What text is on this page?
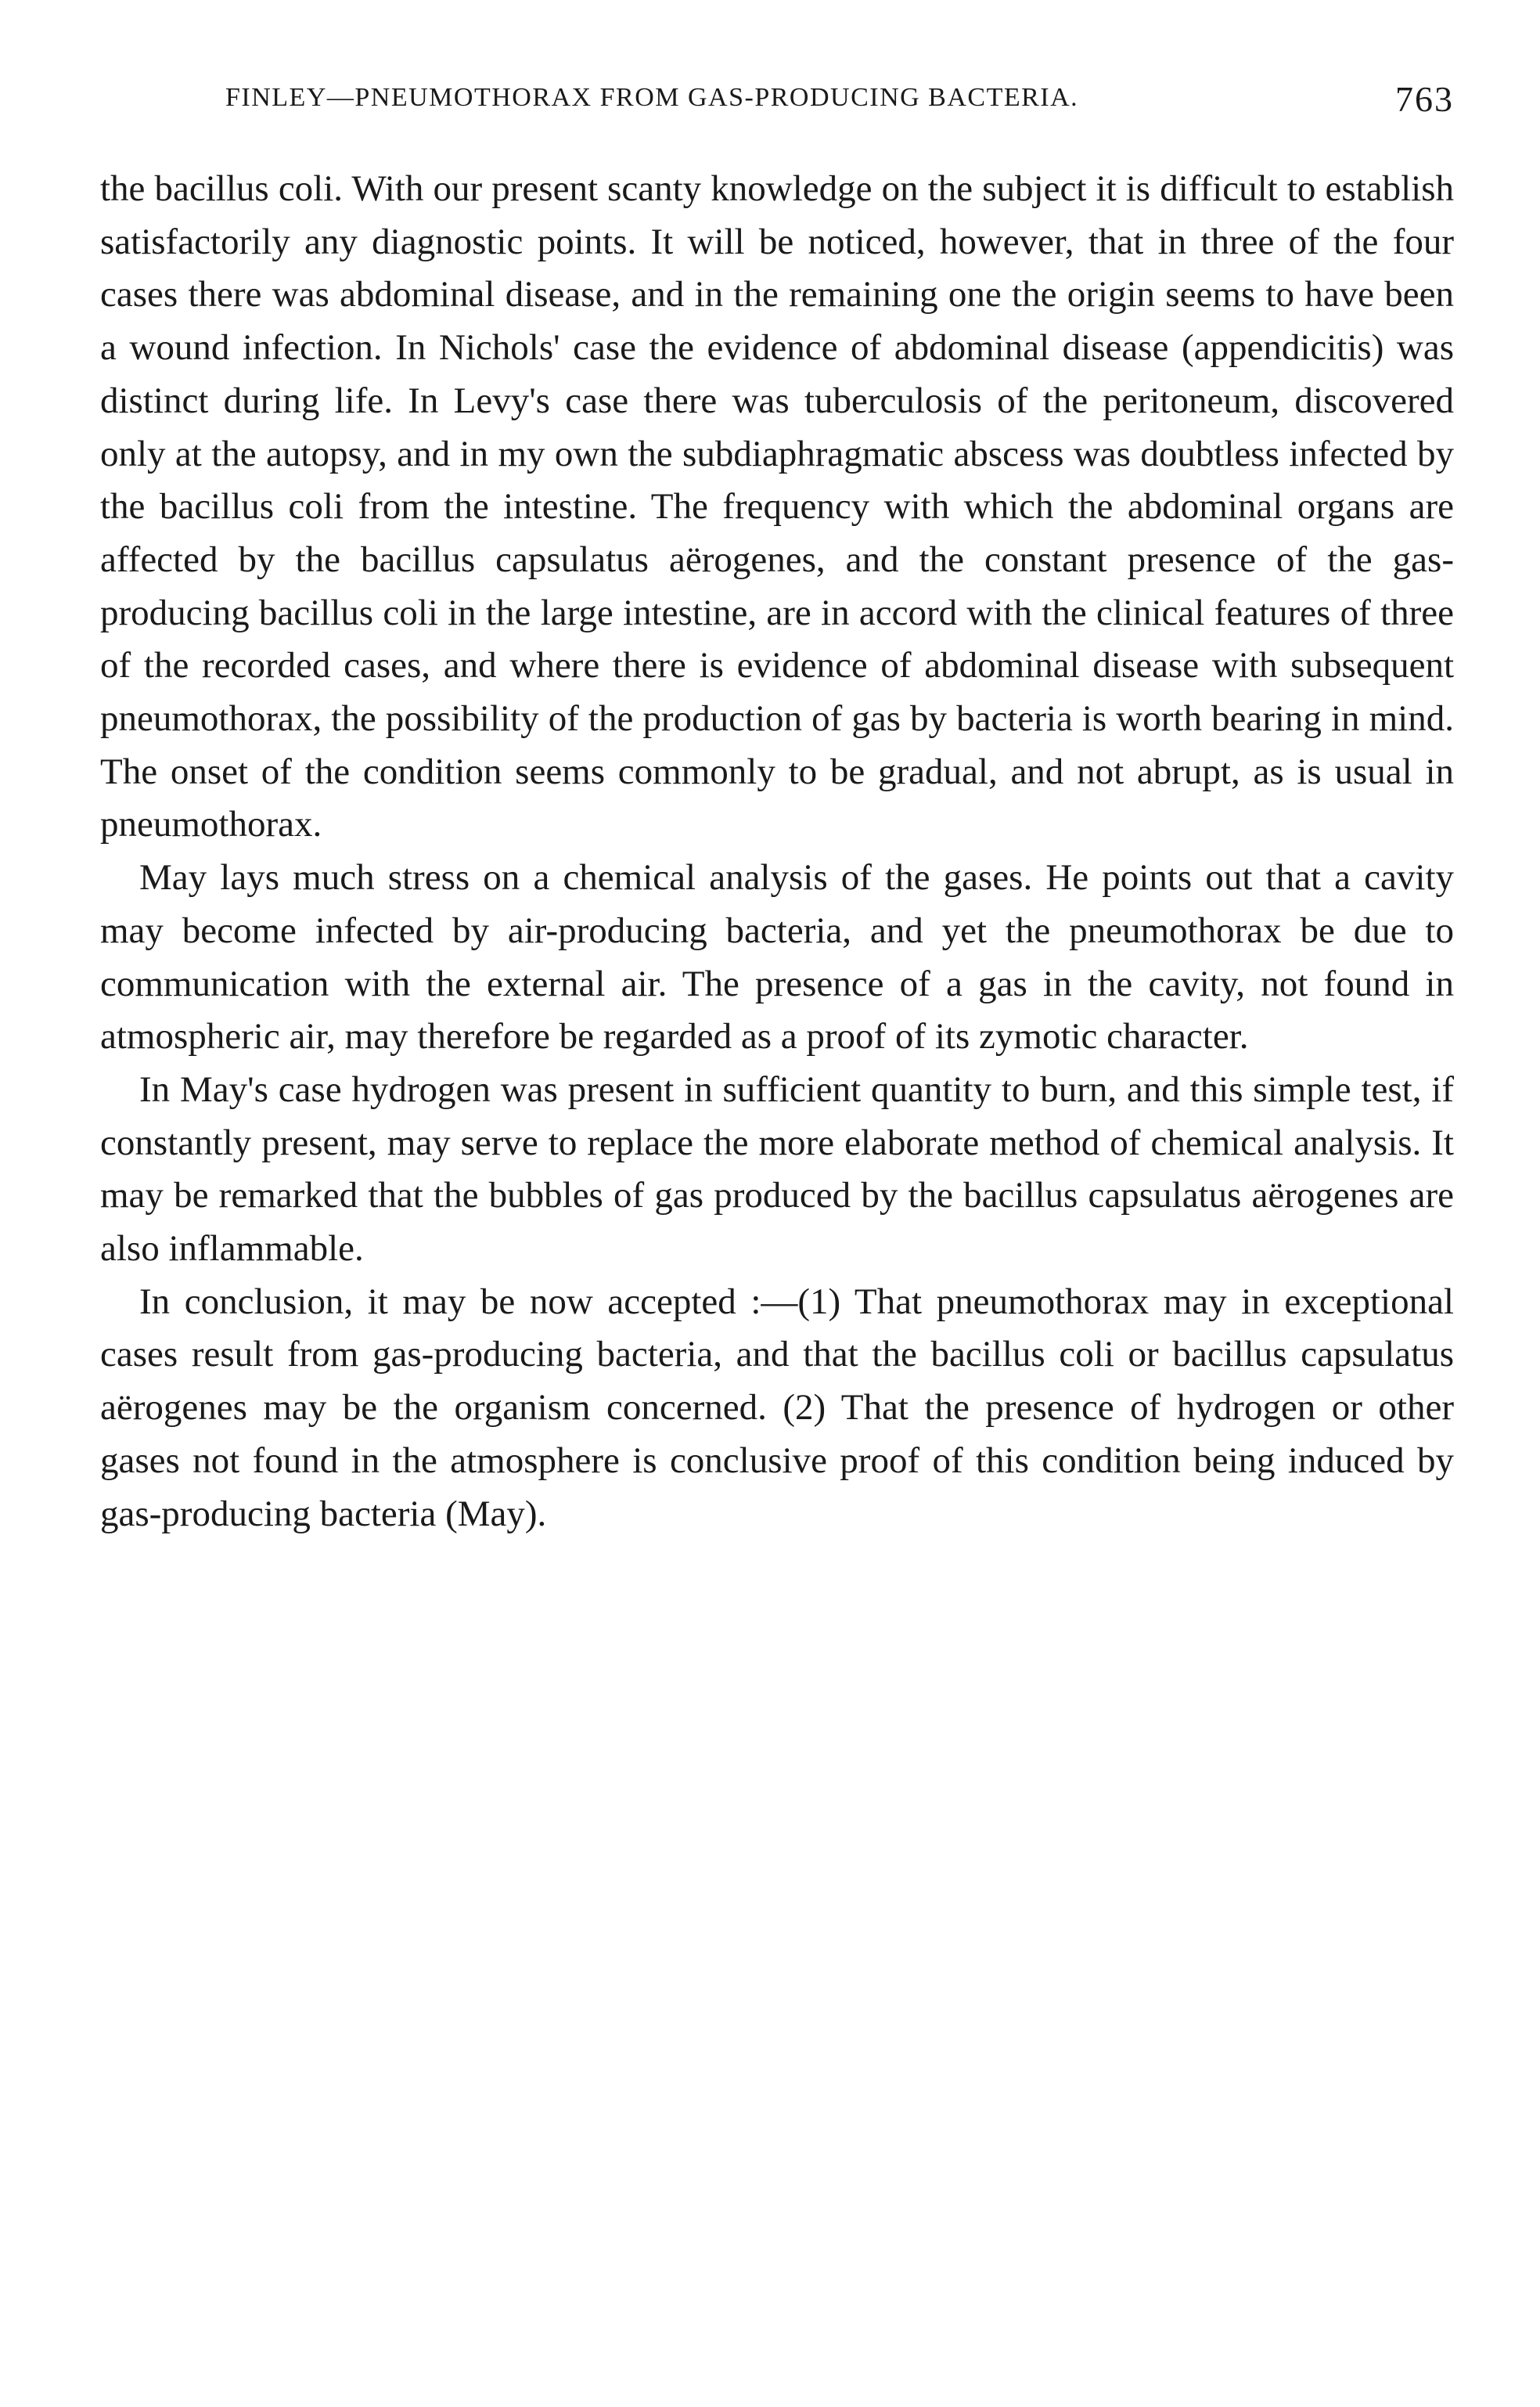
FINLEY—PNEUMOTHORAX FROM GAS-PRODUCING BACTERIA.	763

the bacillus coli. With our present scanty knowledge on the subject it is difficult to establish satisfactorily any diagnostic points. It will be noticed, however, that in three of the four cases there was abdominal disease, and in the remaining one the origin seems to have been a wound infection. In Nichols' case the evidence of abdominal disease (appendicitis) was distinct during life. In Levy's case there was tuberculosis of the peritoneum, discovered only at the autopsy, and in my own the subdiaphragmatic abscess was doubtless infected by the bacillus coli from the intestine. The frequency with which the abdominal organs are affected by the bacillus capsulatus aërogenes, and the constant presence of the gas-producing bacillus coli in the large intestine, are in accord with the clinical features of three of the recorded cases, and where there is evidence of abdominal disease with subsequent pneumothorax, the possibility of the production of gas by bacteria is worth bearing in mind. The onset of the condition seems commonly to be gradual, and not abrupt, as is usual in pneumothorax.

May lays much stress on a chemical analysis of the gases. He points out that a cavity may become infected by air-producing bacteria, and yet the pneumothorax be due to communication with the external air. The presence of a gas in the cavity, not found in atmospheric air, may therefore be regarded as a proof of its zymotic character.

In May's case hydrogen was present in sufficient quantity to burn, and this simple test, if constantly present, may serve to replace the more elaborate method of chemical analysis. It may be remarked that the bubbles of gas produced by the bacillus capsulatus aërogenes are also inflammable.

In conclusion, it may be now accepted :—(1) That pneumothorax may in exceptional cases result from gas-producing bacteria, and that the bacillus coli or bacillus capsulatus aërogenes may be the organism concerned. (2) That the presence of hydrogen or other gases not found in the atmosphere is conclusive proof of this condition being induced by gas-producing bacteria (May).
